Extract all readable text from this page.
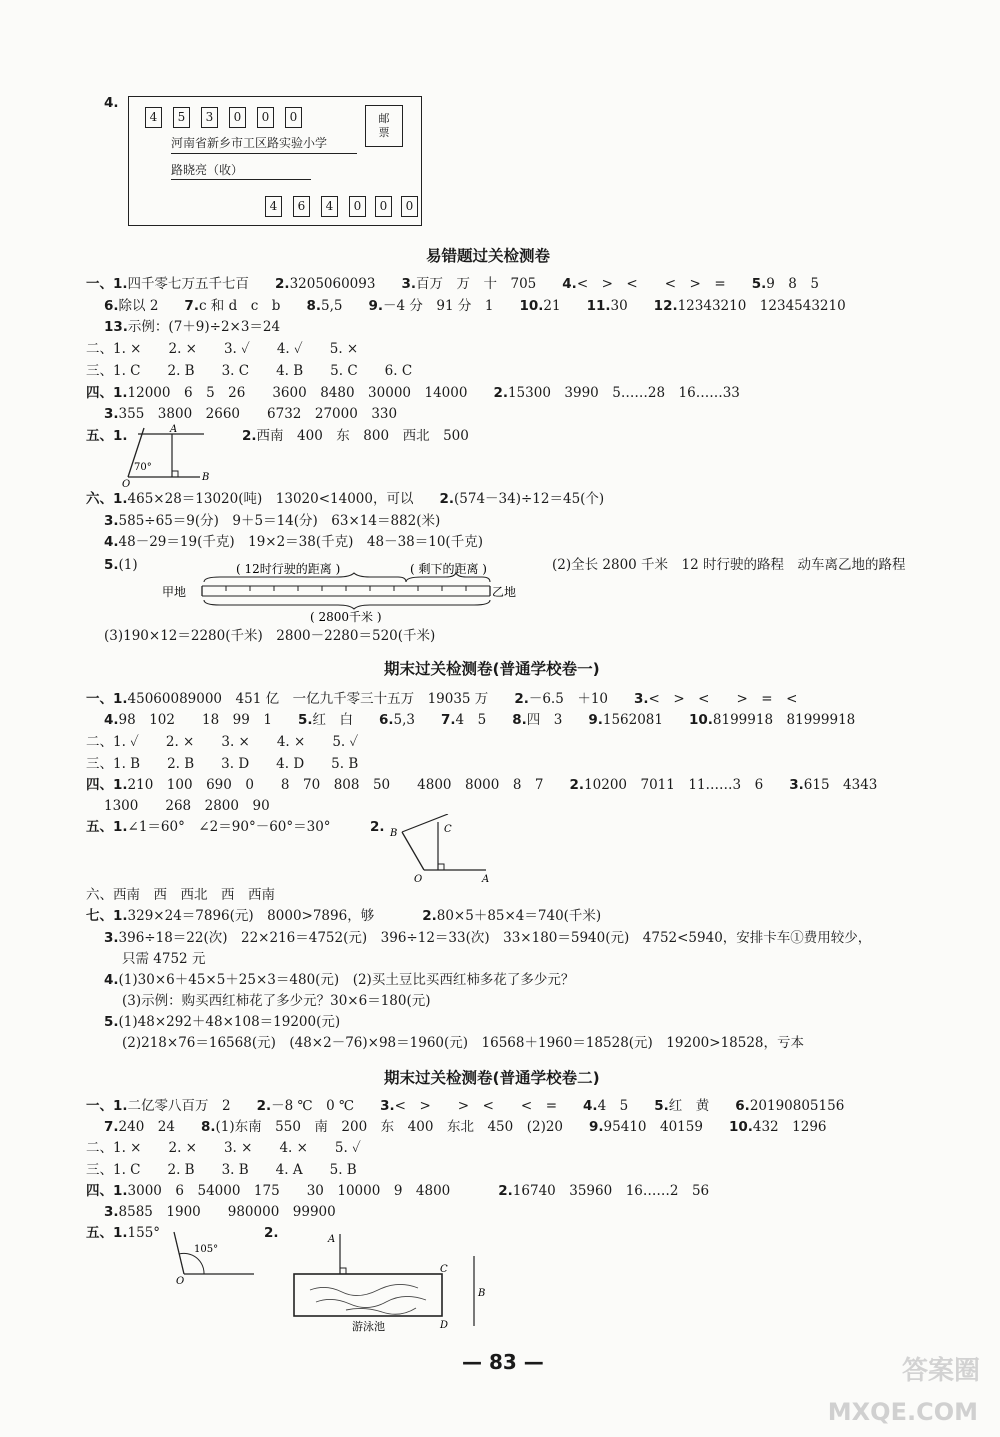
4.
4	5	3	0	0	0	邮
票
河南省新乡市工区路实验小学
路晓亮（收）
4	6	4	0	0	0
易错题过关检测卷
一、1.四千零七万五千七百 2.3205060093 3.百万　万　十　705 4.<　>　<　　<　>　= 5.9　8　5
6.除以 2 7.c 和 d　c　b 8.5,5 9.－4 分　91 分　1 10.21 11.30 12.12343210　1234543210
13.示例：(7＋9)÷2×3＝24
二、1. ×　　2. ×　　3. ✓　　4. ✓　　5. ×
三、1. C　　2. B　　3. C　　4. B　　5. C　　6. C
四、1.12000　6　5　26　　3600　8480　30000　14000 2.15300　3990　5……28　16……33
3.355　3800　2660　　6732　27000　330
五、1.	2.西南　400　东　800　西北　500
70°
A
O
B
六、1.465×28＝13020(吨)　13020<14000，可以 2.(574－34)÷12＝45(个)
3.585÷65＝9(分)　9＋5＝14(分)　63×14＝882(米)
4.48－29＝19(千克)　19×2＝38(千克)　48－38＝10(千克)
5.(1)	(2)全长 2800 千米　12 时行驶的路程　动车离乙地的路程
( 12时行驶的距离 )	( 剩下的距离 )
甲地	乙地
( 2800千米 )
(3)190×12＝2280(千米)　2800－2280＝520(千米)
期末过关检测卷(普通学校卷一)
一、1.45060089000　451 亿　一亿九千零三十五万　19035 万 2.－6.5　＋10 3.<　>　<　　>　=　<
4.98　102　　18　99　1 5.红　白 6.5,3 7.4　5 8.四　3 9.1562081 10.8199918　81999918
二、1. ✓　　2. ×　　3. ×　　4. ×　　5. ✓
三、1. B　　2. B　　3. D　　4. D　　5. B
四、1.210　100　690　0　　8　70　808　50　　4800　8000　8　7 2.10200　7011　11……3　6 3.615　4343
1300　　268　2800　90
五、1.∠1＝60°　∠2＝90°－60°＝30°	2. B	C
O	A
六、西南　西　西北　西　西南
七、1.329×24＝7896(元)　8000>7896，够	2.80×5＋85×4＝740(千米)
3.396÷18＝22(次)　22×216＝4752(元)　396÷12＝33(次)　33×180＝5940(元)　4752<5940，安排卡车①费用较少，
只需 4752 元
4.(1)30×6＋45×5＋25×3＝480(元)　(2)买土豆比买西红柿多花了多少元？
(3)示例：购买西红柿花了多少元？30×6＝180(元)
5.(1)48×292＋48×108＝19200(元)
(2)218×76＝16568(元)　(48×2－76)×98＝1960(元)　16568＋1960＝18528(元)　19200>18528，亏本
期末过关检测卷(普通学校卷二)
一、1.二亿零八百万　2 2.－8 ℃　0 ℃ 3.<　>　　>　<　　<　= 4.4　5 5.红　黄 6.20190805156
7.240　24 8.(1)东南　550　南　200　东　400　东北　450　(2)20 9.95410　40159 10.432　1296
二、1. ×　　2. ×　　3. ×　　4. ×　　5. ✓
三、1. C　　2. B　　3. B　　4. A　　5. B
四、1.3000　6　54000　175　　30　10000　9　4800	2.16740　35960　16……2　56
3.8585　1900　　980000　99900
五、1.155°	2.
105°
O
A
C
D
B
游泳池
— 83 —	答案圈
MXQE.COM
